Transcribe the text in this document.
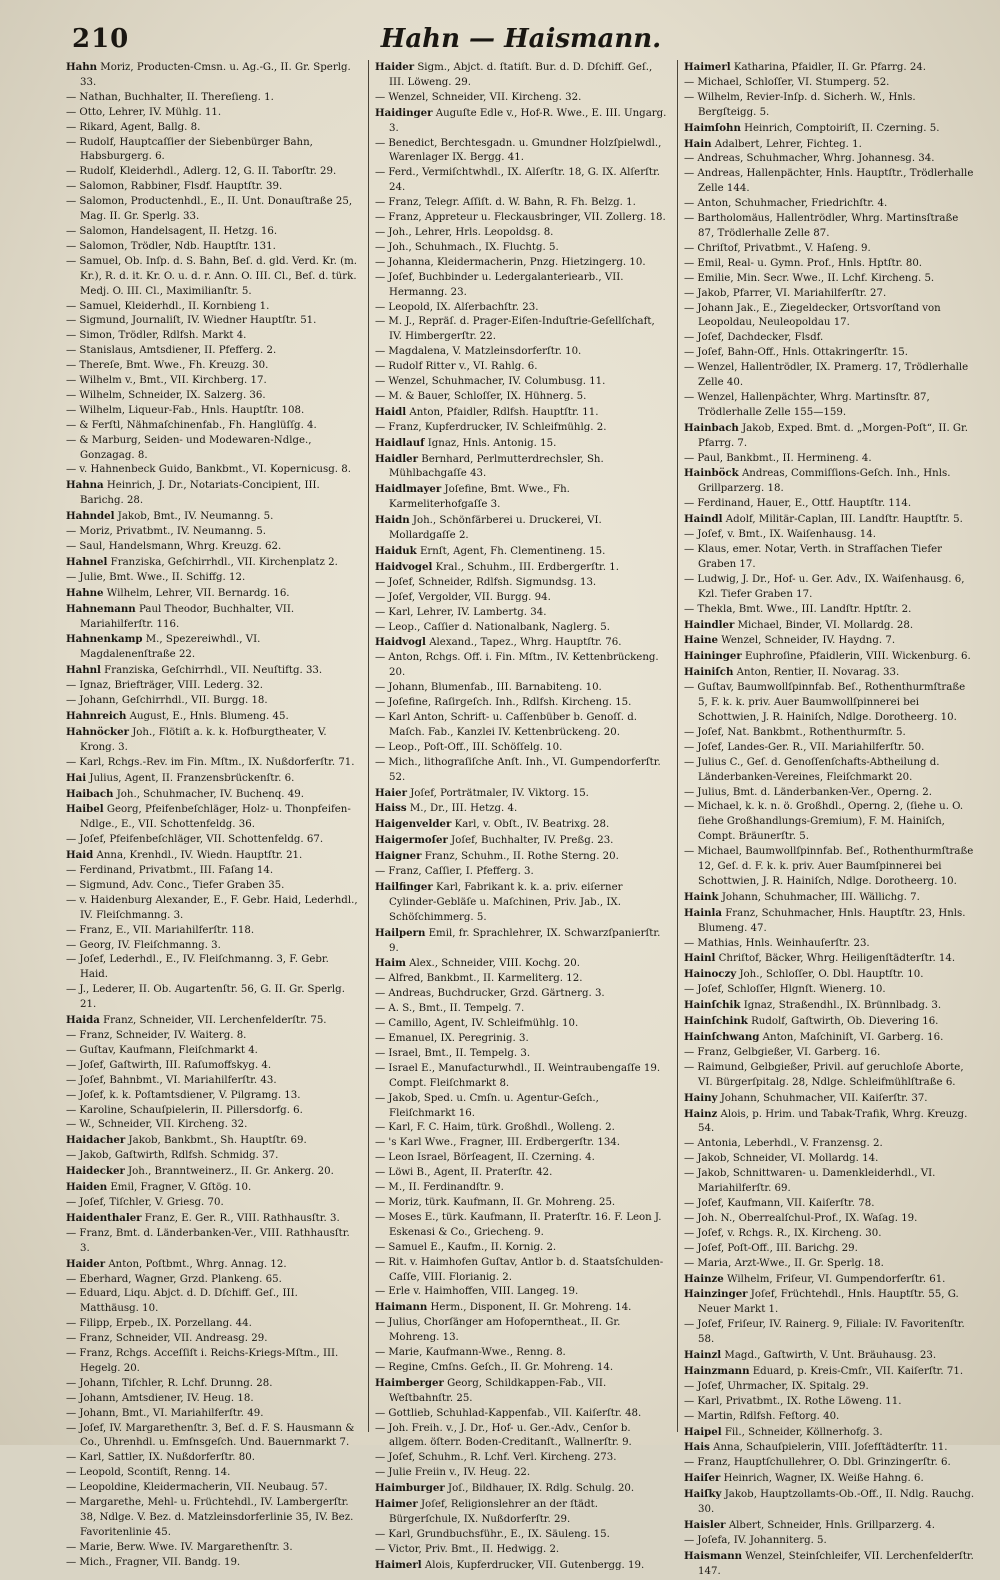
210	Hahn — Haismann.
Hahn Moriz, Producten-Cmsn. u. Ag.-G., II. Gr. Sperlg. 33.
— Nathan, Buchhalter, II. Thereſieng. 1.
— Otto, Lehrer, IV. Mühlg. 11.
— Rikard, Agent, Ballg. 8.
— Rudolf, Hauptcaſſier der Siebenbürger Bahn, Habsburgerg. 6.
— Rudolf, Kleiderhdl., Adlerg. 12, G. II. Taborſtr. 29.
— Salomon, Rabbiner, Flsdf. Hauptſtr. 39.
— Salomon, Productenhdl., E., II. Unt. Donauſtraße 25, Mag. II. Gr. Sperlg. 33.
— Salomon, Handelsagent, II. Hetzg. 16.
— Salomon, Trödler, Ndb. Hauptſtr. 131.
— Samuel, Ob. Inſp. d. S. Bahn, Beſ. d. gld. Verd. Kr. (m. Kr.), R. d. it. Kr. O. u. d. r. Ann. O. III. Cl., Beſ. d. türk. Medj. O. III. Cl., Maximilianſtr. 5.
— Samuel, Kleiderhdl., II. Kornbieng 1.
— Sigmund, Journaliſt, IV. Wiedner Hauptſtr. 51.
— Simon, Trödler, Rdlfsh. Markt 4.
— Stanislaus, Amtsdiener, II. Pfefferg. 2.
— Thereſe, Bmt. Wwe., Fh. Kreuzg. 30.
— Wilhelm v., Bmt., VII. Kirchberg. 17.
— Wilhelm, Schneider, IX. Salzerg. 36.
— Wilhelm, Liqueur-Fab., Hnls. Hauptſtr. 108.
— & Ferſtl, Nähmaſchinenfab., Fh. Hanglüſſg. 4.
— & Marburg, Seiden- und Modewaren-Ndlge., Gonzagag. 8.
— v. Hahnenbeck Guido, Bankbmt., VI. Kopernicusg. 8.
Hahna Heinrich, J. Dr., Notariats-Concipient, III. Barichg. 28.
Hahndel Jakob, Bmt., IV. Neumanng. 5.
— Moriz, Privatbmt., IV. Neumanng. 5.
— Saul, Handelsmann, Whrg. Kreuzg. 62.
Hahnel Franziska, Geſchirrhdl., VII. Kirchenplatz 2.
— Julie, Bmt. Wwe., II. Schiffg. 12.
Hahne Wilhelm, Lehrer, VII. Bernardg. 16.
Hahnemann Paul Theodor, Buchhalter, VII. Mariahilferſtr. 116.
Hahnenkamp M., Spezereiwhdl., VI. Magdalenenſtraße 22.
Hahnl Franziska, Geſchirrhdl., VII. Neuſtiftg. 33.
— Ignaz, Briefträger, VIII. Lederg. 32.
— Johann, Geſchirrhdl., VII. Burgg. 18.
Hahnreich August, E., Hnls. Blumeng. 45.
Hahnöcker Joh., Flötiſt a. k. k. Hofburgtheater, V. Krong. 3.
— Karl, Rchgs.-Rev. im Fin. Mſtm., IX. Nußdorferſtr. 71.
Hai Julius, Agent, II. Franzensbrückenſtr. 6.
Haibach Joh., Schuhmacher, IV. Buchenq. 49.
Haibel Georg, Pfeifenbeſchläger, Holz- u. Thonpfeifen-Ndlge., E., VII. Schottenfeldg. 36.
— Joſef, Pfeifenbeſchläger, VII. Schottenfeldg. 67.
Haid Anna, Krenhdl., IV. Wiedn. Hauptſtr. 21.
— Ferdinand, Privatbmt., III. Faſang 14.
— Sigmund, Adv. Conc., Tiefer Graben 35.
— v. Haidenburg Alexander, E., F. Gebr. Haid, Lederhdl., IV. Fleiſchmanng. 3.
— Franz, E., VII. Mariahilferſtr. 118.
— Georg, IV. Fleiſchmanng. 3.
— Joſef, Lederhdl., E., IV. Fleiſchmanng. 3, F. Gebr. Haid.
— J., Lederer, II. Ob. Augartenſtr. 56, G. II. Gr. Sperlg. 21.
Haida Franz, Schneider, VII. Lerchenfelderſtr. 75.
— Franz, Schneider, IV. Waiterg. 8.
— Guſtav, Kaufmann, Fleiſchmarkt 4.
— Joſef, Gaſtwirth, III. Raſumoffskyg. 4.
— Joſef, Bahnbmt., VI. Mariahilferſtr. 43.
— Joſef, k. k. Poſtamtsdiener, V. Pilgramg. 13.
— Karoline, Schauſpielerin, II. Pillersdorfg. 6.
— W., Schneider, VII. Kircheng. 32.
Haidacher Jakob, Bankbmt., Sh. Hauptſtr. 69.
— Jakob, Gaſtwirth, Rdlfsh. Schmidg. 37.
Haidecker Joh., Branntweinerz., II. Gr. Ankerg. 20.
Haiden Emil, Fragner, V. Gſtög. 10.
— Joſef, Tiſchler, V. Griesg. 70.
Haidenthaler Franz, E. Ger. R., VIII. Rathhausſtr. 3.
— Franz, Bmt. d. Länderbanken-Ver., VIII. Rathhausſtr. 3.
Haider Anton, Poſtbmt., Whrg. Annag. 12.
— Eberhard, Wagner, Grzd. Plankeng. 65.
— Eduard, Liqu. Abjct. d. D. Dſchiff. Geſ., III. Matthäusg. 10.
— Filipp, Erpeb., IX. Porzellang. 44.
— Franz, Schneider, VII. Andreasg. 29.
— Franz, Rchgs. Acceſſiſt i. Reichs-Kriegs-Mſtm., III. Hegelg. 20.
— Johann, Tiſchler, R. Lchf. Drunng. 28.
— Johann, Amtsdiener, IV. Heug. 18.
— Johann, Bmt., VI. Mariahilferſtr. 49.
— Joſef, IV. Margarethenſtr. 3, Beſ. d. F. S. Hausmann & Co., Uhrenhdl. u. Emſnsgeſch. Und. Bauernmarkt 7.
— Karl, Sattler, IX. Nußdorferſtr. 80.
— Leopold, Scontiſt, Renng. 14.
— Leopoldine, Kleidermacherin, VII. Neubaug. 57.
— Margarethe, Mehl- u. Früchtehdl., IV. Lambergerſtr. 38, Ndlge. V. Bez. d. Matzleinsdorferlinie 35, IV. Bez. Favoritenlinie 45.
— Marie, Berw. Wwe. IV. Margarethenſtr. 3.
— Mich., Fragner, VII. Bandg. 19.
Haider Sigm., Abjct. d. ſtatiſt. Bur. d. D. Dſchiff. Geſ., III. Löweng. 29.
— Wenzel, Schneider, VII. Kircheng. 32.
Haidinger Auguſte Edle v., Hof-R. Wwe., E. III. Ungarg. 3.
— Benedict, Berchtesgadn. u. Gmundner Holzſpielwdl., Warenlager IX. Bergg. 41.
— Ferd., Vermiſchtwhdl., IX. Alſerſtr. 18, G. IX. Alſerſtr. 24.
— Franz, Telegr. Aſſiſt. d. W. Bahn, R. Fh. Belzg. 1.
— Franz, Appreteur u. Fleckausbringer, VII. Zollerg. 18.
— Joh., Lehrer, Hrls. Leopoldsg. 8.
— Joh., Schuhmach., IX. Fluchtg. 5.
— Johanna, Kleidermacherin, Pnzg. Hietzingerg. 10.
— Joſef, Buchbinder u. Ledergalanteriearb., VII. Hermanng. 23.
— Leopold, IX. Alſerbachſtr. 23.
— M. J., Repräſ. d. Prager-Eiſen-Induſtrie-Geſellſchaft, IV. Himbergerſtr. 22.
— Magdalena, V. Matzleinsdorferſtr. 10.
— Rudolf Ritter v., VI. Rahlg. 6.
— Wenzel, Schuhmacher, IV. Columbusg. 11.
— M. & Bauer, Schloſſer, IX. Hühnerg. 5.
Haidl Anton, Pfaidler, Rdlfsh. Hauptſtr. 11.
— Franz, Kupferdrucker, IV. Schleifmühlg. 2.
Haidlauf Ignaz, Hnls. Antonig. 15.
Haidler Bernhard, Perlmutterdrechsler, Sh. Mühlbachgaſſe 43.
Haidlmayer Joſefine, Bmt. Wwe., Fh. Karmeliterhofgaſſe 3.
Haidn Joh., Schönfärberei u. Druckerei, VI. Mollardgaſſe 2.
Haiduk Ernſt, Agent, Fh. Clementineng. 15.
Haidvogel Kral., Schuhm., III. Erdbergerſtr. 1.
— Joſef, Schneider, Rdlfsh. Sigmundsg. 13.
— Joſef, Vergolder, VII. Burgg. 94.
— Karl, Lehrer, IV. Lambertg. 34.
— Leop., Caſſier d. Nationalbank, Naglerg. 5.
Haidvogl Alexand., Tapez., Whrg. Hauptſtr. 76.
— Anton, Rchgs. Off. i. Fin. Mſtm., IV. Kettenbrückeng. 20.
— Johann, Blumenfab., III. Barnabiteng. 10.
— Joſefine, Raſirgeſch. Inh., Rdlfsh. Kircheng. 15.
— Karl Anton, Schrift- u. Caſſenbüber b. Genoſſ. d. Maſch. Fab., Kanzlei IV. Kettenbrückeng. 20.
— Leop., Poſt-Off., III. Schöſſelg. 10.
— Mich., lithograſiſche Anſt. Inh., VI. Gumpendorferſtr. 52.
Haier Joſef, Porträtmaler, IV. Viktorg. 15.
Haiss M., Dr., III. Hetzg. 4.
Haigenvelder Karl, v. Obſt., IV. Beatrixg. 28.
Haigermoſer Joſef, Buchhalter, IV. Preßg. 23.
Haigner Franz, Schuhm., II. Rothe Sterng. 20.
— Franz, Caſſier, I. Pfefferg. 3.
Hailfinger Karl, Fabrikant k. k. a. priv. eiſerner Cylinder-Gebläſe u. Maſchinen, Priv. Jab., IX. Schöſchimmerg. 5.
Hailpern Emil, fr. Sprachlehrer, IX. Schwarzſpanierſtr. 9.
Haim Alex., Schneider, VIII. Kochg. 20.
— Alfred, Bankbmt., II. Karmeliterg. 12.
— Andreas, Buchdrucker, Grzd. Gärtnerg. 3.
— A. S., Bmt., II. Tempelg. 7.
— Camillo, Agent, IV. Schleifmühlg. 10.
— Emanuel, IX. Peregrinig. 3.
— Israel, Bmt., II. Tempelg. 3.
— Israel E., Manufacturwhdl., II. Weintraubengaſſe 19. Compt. Fleiſchmarkt 8.
— Jakob, Sped. u. Cmſn. u. Agentur-Geſch., Fleiſchmarkt 16.
— Karl, F. C. Haim, türk. Großhdl., Wolleng. 2.
— 's Karl Wwe., Fragner, III. Erdbergerſtr. 134.
— Leon Israel, Börſeagent, II. Czerning. 4.
— Löwi B., Agent, II. Praterſtr. 42.
— M., II. Ferdinandſtr. 9.
— Moriz, türk. Kaufmann, II. Gr. Mohreng. 25.
— Moses E., türk. Kaufmann, II. Praterſtr. 16. F. Leon J. Eskenasi & Co., Griecheng. 9.
— Samuel E., Kaufm., II. Kornig. 2.
— Rit. v. Haimhofen Guſtav, Antlor b. d. Staatsſchulden-Caſſe, VIII. Florianig. 2.
— Erle v. Haimhoffen, VIII. Langeg. 19.
Haimann Herm., Disponent, II. Gr. Mohreng. 14.
— Julius, Chorſänger am Hofoperntheat., II. Gr. Mohreng. 13.
— Marie, Kaufmann-Wwe., Renng. 8.
— Regine, Cmſns. Geſch., II. Gr. Mohreng. 14.
Haimberger Georg, Schildkappen-Fab., VII. Weſtbahnſtr. 25.
— Gottlieb, Schuhlad-Kappenfab., VII. Kaiſerſtr. 48.
— Joh. Freih. v., J. Dr., Hof- u. Ger.-Adv., Cenſor b. allgem. öſterr. Boden-Creditanſt., Wallnerſtr. 9.
— Joſef, Schuhm., R. Lchf. Verl. Kircheng. 273.
— Julie Freiin v., IV. Heug. 22.
Haimburger Joſ., Bildhauer, IX. Rdlg. Schulg. 20.
Haimer Joſef, Religionslehrer an der ſtädt. Bürgerſchule, IX. Nußdorferſtr. 29.
— Karl, Grundbuchsführ., E., IX. Säuleng. 15.
— Victor, Priv. Bmt., II. Hedwigg. 2.
Haimerl Alois, Kupferdrucker, VII. Gutenbergg. 19.
Haimerl Katharina, Pfaidler, II. Gr. Pfarrg. 24.
— Michael, Schloſſer, VI. Stumperg. 52.
— Wilhelm, Revier-Inſp. d. Sicherh. W., Hnls. Bergſteigg. 5.
Haimſohn Heinrich, Comptoiriſt, II. Czerning. 5.
Hain Adalbert, Lehrer, Fichteg. 1.
— Andreas, Schuhmacher, Whrg. Johannesg. 34.
— Andreas, Hallenpächter, Hnls. Hauptſtr., Trödlerhalle Zelle 144.
— Anton, Schuhmacher, Friedrichſtr. 4.
— Bartholomäus, Hallentrödler, Whrg. Martinsſtraße 87, Trödlerhalle Zelle 87.
— Chriſtof, Privatbmt., V. Haſeng. 9.
— Emil, Real- u. Gymn. Prof., Hnls. Hptſtr. 80.
— Emilie, Min. Secr. Wwe., II. Lchf. Kircheng. 5.
— Jakob, Pfarrer, VI. Mariahilferſtr. 27.
— Johann Jak., E., Ziegeldecker, Ortsvorſtand von Leopoldau, Neuleopoldau 17.
— Joſef, Dachdecker, Flsdf.
— Joſef, Bahn-Off., Hnls. Ottakringerſtr. 15.
— Wenzel, Hallentrödler, IX. Pramerg. 17, Trödlerhalle Zelle 40.
— Wenzel, Hallenpächter, Whrg. Martinsſtr. 87, Trödlerhalle Zelle 155—159.
Hainbach Jakob, Exped. Bmt. d. „Morgen-Poſt“, II. Gr. Pfarrg. 7.
— Paul, Bankbmt., II. Hermineng. 4.
Hainböck Andreas, Commiſſions-Geſch. Inh., Hnls. Grillparzerg. 18.
— Ferdinand, Hauer, E., Ottf. Hauptſtr. 114.
Haindl Adolf, Militär-Caplan, III. Landſtr. Hauptſtr. 5.
— Joſef, v. Bmt., IX. Waiſenhausg. 14.
— Klaus, emer. Notar, Verth. in Strafſachen Tiefer Graben 17.
— Ludwig, J. Dr., Hof- u. Ger. Adv., IX. Waiſenhausg. 6, Kzl. Tiefer Graben 17.
— Thekla, Bmt. Wwe., III. Landſtr. Hptſtr. 2.
Haindler Michael, Binder, VI. Mollardg. 28.
Haine Wenzel, Schneider, IV. Haydng. 7.
Haininger Euphroſine, Pfaidlerin, VIII. Wickenburg. 6.
Hainiſch Anton, Rentier, II. Novarag. 33.
— Guſtav, Baumwollſpinnfab. Beſ., Rothenthurmſtraße 5, F. k. k. priv. Auer Baumwollſpinnerei bei Schottwien, J. R. Hainiſch, Ndlge. Dorotheerg. 10.
— Joſef, Nat. Bankbmt., Rothenthurmſtr. 5.
— Joſef, Landes-Ger. R., VII. Mariahilferſtr. 50.
— Julius C., Geſ. d. Genoſſenſchafts-Abtheilung d. Länderbanken-Vereines, Fleiſchmarkt 20.
— Julius, Bmt. d. Länderbanken-Ver., Operng. 2.
— Michael, k. k. n. ö. Großhdl., Operng. 2, (ſiehe u. O. ſiehe Großhandlungs-Gremium), F. M. Hainiſch, Compt. Bräunerſtr. 5.
— Michael, Baumwollſpinnfab. Beſ., Rothenthurmſtraße 12, Geſ. d. F. k. k. priv. Auer Baumſpinnerei bei Schottwien, J. R. Hainiſch, Ndlge. Dorotheerg. 10.
Haink Johann, Schuhmacher, III. Wällichg. 7.
Hainla Franz, Schuhmacher, Hnls. Hauptſtr. 23, Hnls. Blumeng. 47.
— Mathias, Hnls. Weinhauſerſtr. 23.
Hainl Chriſtof, Bäcker, Whrg. Heiligenſtädterſtr. 14.
Hainoczy Joh., Schloſſer, O. Dbl. Hauptſtr. 10.
— Joſef, Schloſſer, Hlgnſt. Wienerg. 10.
Hainſchik Ignaz, Straßendhl., IX. Brünnlbadg. 3.
Hainſchink Rudolf, Gaſtwirth, Ob. Dievering 16.
Hainſchwang Anton, Maſchiniſt, VI. Garberg. 16.
— Franz, Gelbgießer, VI. Garberg. 16.
— Raimund, Gelbgießer, Privil. auf geruchloſe Aborte, VI. Bürgerſpitalg. 28, Ndlge. Schleifmühlſtraße 6.
Hainy Johann, Schuhmacher, VII. Kaiſerſtr. 37.
Hainz Alois, p. Hrim. und Tabak-Trafik, Whrg. Kreuzg. 54.
— Antonia, Leberhdl., V. Franzensg. 2.
— Jakob, Schneider, VI. Mollardg. 14.
— Jakob, Schnittwaren- u. Damenkleiderhdl., VI. Mariahilferſtr. 69.
— Joſef, Kaufmann, VII. Kaiſerſtr. 78.
— Joh. N., Oberrealſchul-Prof., IX. Waſag. 19.
— Joſef, v. Rchgs. R., IX. Kircheng. 30.
— Joſef, Poſt-Off., III. Barichg. 29.
— Maria, Arzt-Wwe., II. Gr. Sperlg. 18.
Hainze Wilhelm, Friſeur, VI. Gumpendorferſtr. 61.
Hainzinger Joſef, Früchtehdl., Hnls. Hauptſtr. 55, G. Neuer Markt 1.
— Joſef, Friſeur, IV. Rainerg. 9, Filiale: IV. Favoritenſtr. 58.
Hainzl Magd., Gaſtwirth, V. Unt. Bräuhausg. 23.
Hainzmann Eduard, p. Kreis-Cmſr., VII. Kaiſerſtr. 71.
— Joſef, Uhrmacher, IX. Spitalg. 29.
— Karl, Privatbmt., IX. Rothe Löweng. 11.
— Martin, Rdlfsh. Feſtorg. 40.
Haipel Fil., Schneider, Köllnerhofg. 3.
Hais Anna, Schauſpielerin, VIII. Joſefſtädterſtr. 11.
— Franz, Hauptſchullehrer, O. Dbl. Grinzingerſtr. 6.
Haiſer Heinrich, Wagner, IX. Weiße Hahng. 6.
Haiſky Jakob, Hauptzollamts-Ob.-Off., II. Ndlg. Rauchg. 30.
Haisler Albert, Schneider, Hnls. Grillparzerg. 4.
— Joſefa, IV. Johanniterg. 5.
Haismann Wenzel, Steinſchleifer, VII. Lerchenfelderſtr. 147.
